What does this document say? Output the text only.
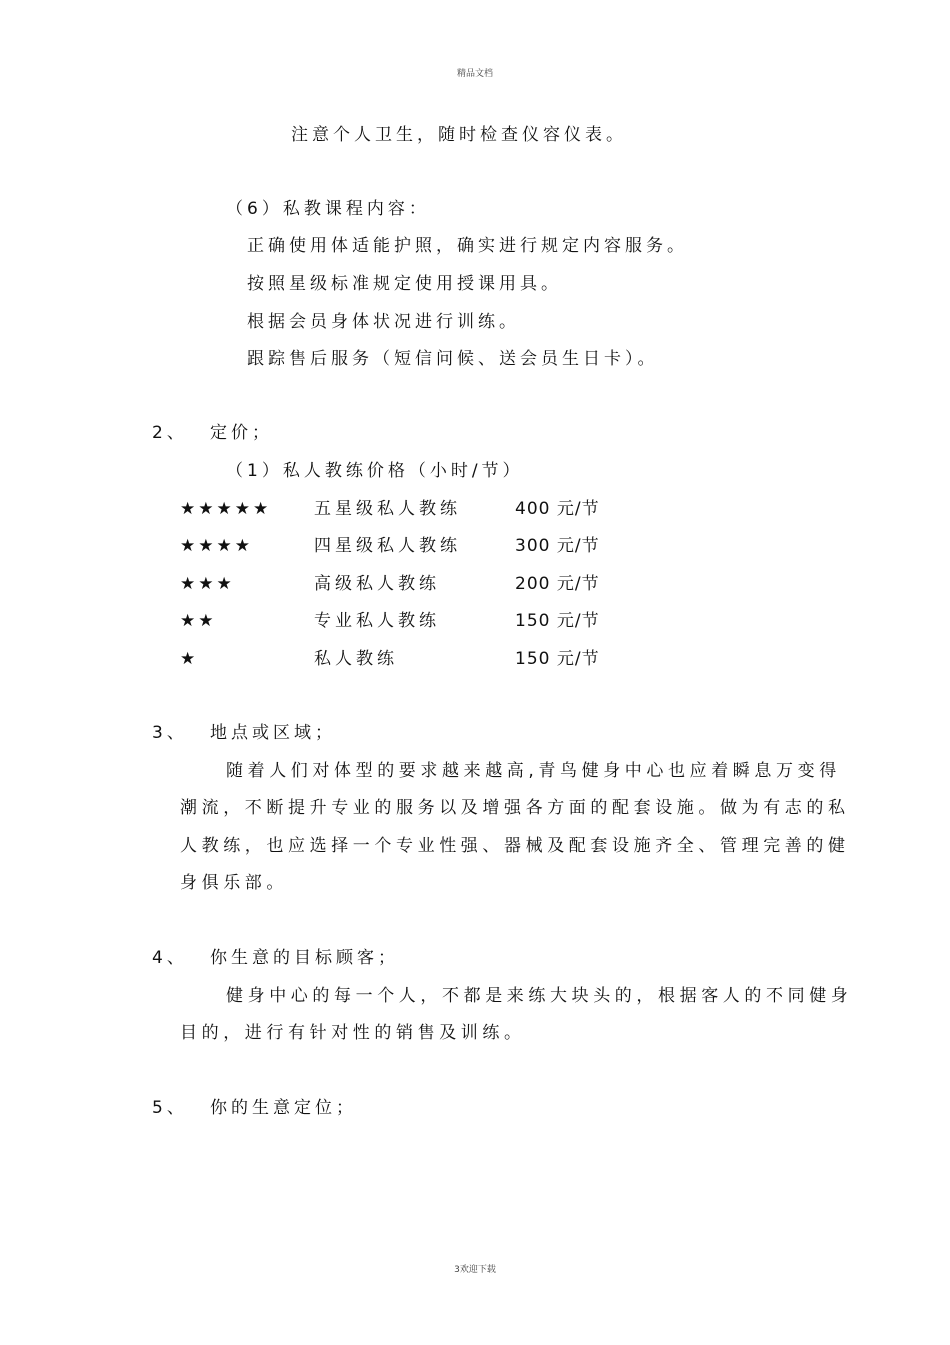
精品文档
注意个人卫生，随时检查仪容仪表。
（6）私教课程内容：
正确使用体适能护照，确实进行规定内容服务。
按照星级标准规定使用授课用具。
根据会员身体状况进行训练。
跟踪售后服务（短信问候、送会员生日卡）。
2、 定价；
（1）私人教练价格（小时/节）
★★★★★	五星级私人教练	400 元/节
★★★★	四星级私人教练	300 元/节
★★★	高级私人教练	200 元/节
★★	专业私人教练	150 元/节
★	私人教练	150 元/节
3、 地点或区域；
随着人们对体型的要求越来越高,青鸟健身中心也应着瞬息万变得
潮流，不断提升专业的服务以及增强各方面的配套设施。做为有志的私
人教练，也应选择一个专业性强、器械及配套设施齐全、管理完善的健
身俱乐部。
4、 你生意的目标顾客；
健身中心的每一个人，不都是来练大块头的，根据客人的不同健身
目的，进行有针对性的销售及训练。
5、 你的生意定位；
3欢迎下载
